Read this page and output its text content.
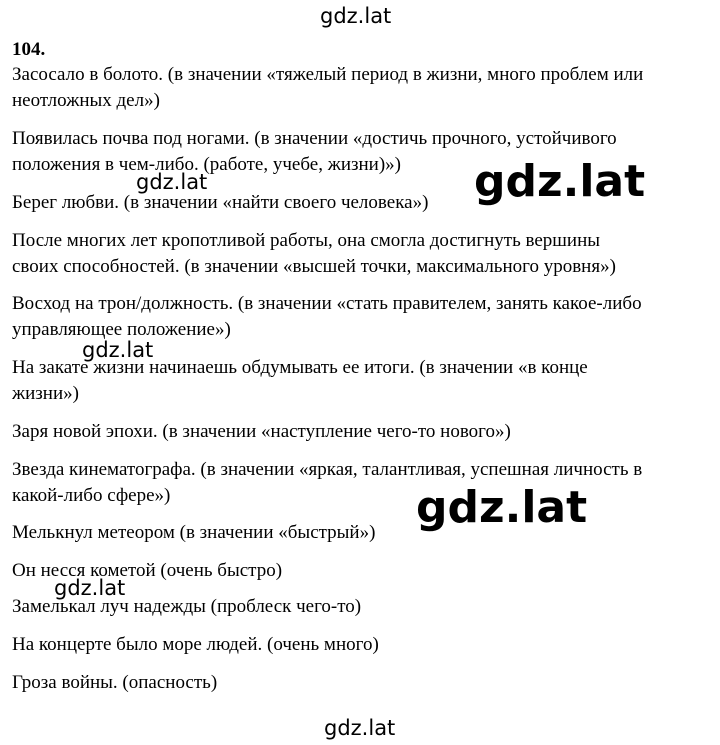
104.
Засосало в болото. (в значении «тяжелый период в жизни, много проблем или
неотложных дел»)
Появилась почва под ногами. (в значении «достичь прочного, устойчивого
положения в чем-либо. (работе, учебе, жизни)»)
Берег любви. (в значении «найти своего человека»)
После многих лет кропотливой работы, она смогла достигнуть вершины
своих способностей. (в значении «высшей точки, максимального уровня»)
Восход на трон/должность. (в значении «стать правителем, занять какое-либо
управляющее положение»)
На закате жизни начинаешь обдумывать ее итоги. (в значении «в конце
жизни»)
Заря новой эпохи. (в значении «наступление чего-то нового»)
Звезда кинематографа. (в значении «яркая, талантливая, успешная личность в
какой-либо сфере»)
Мелькнул метеором (в значении «быстрый»)
Он несся кометой (очень быстро)
Замелькал луч надежды (проблеск чего-то)
На концерте было море людей. (очень много)
Гроза войны. (опасность)
gdz.lat
gdz.lat
gdz.lat
gdz.lat
gdz.lat
gdz.lat
gdz.lat
